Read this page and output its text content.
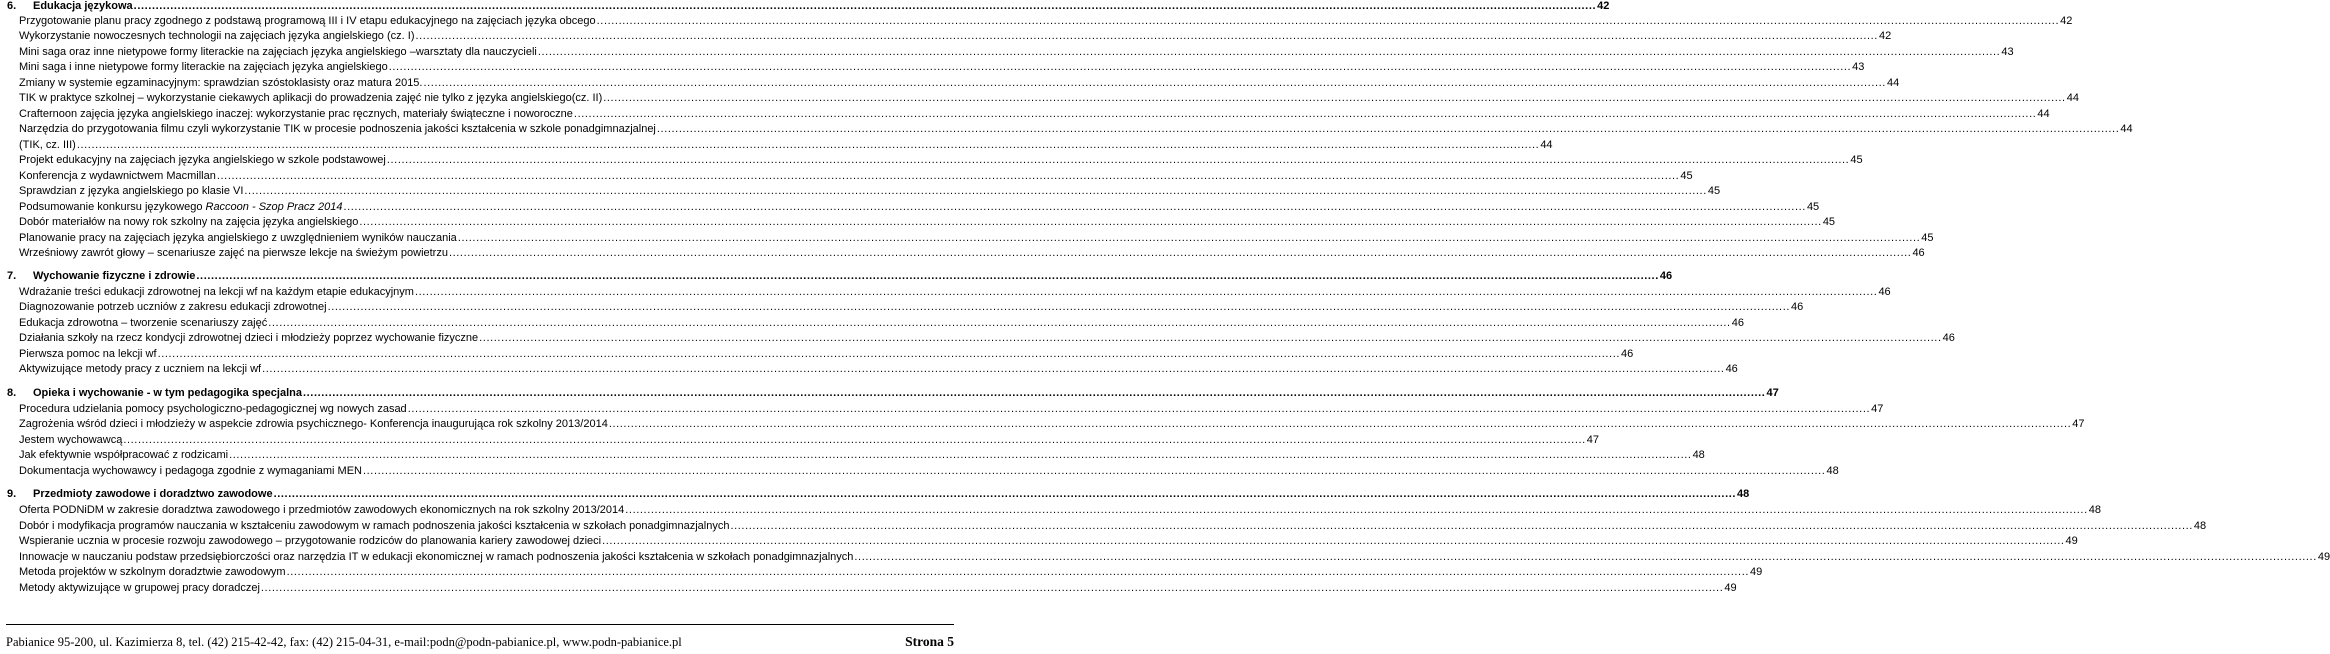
6. Edukacja językowa .....	42
Przygotowanie planu pracy zgodnego z podstawą programową III i IV etapu edukacyjnego na zajęciach języka obcego .....	42
Wykorzystanie nowoczesnych technologii na zajęciach języka angielskiego (cz. I) .....	42
Mini saga oraz inne nietypowe formy literackie na zajęciach języka angielskiego –warsztaty dla nauczycieli .....	43
Mini saga i inne nietypowe formy literackie na zajęciach języka angielskiego .....	43
Zmiany w systemie egzaminacyjnym: sprawdzian szóstoklasisty oraz matura 2015. .....	44
TIK w praktyce szkolnej – wykorzystanie ciekawych aplikacji do prowadzenia zajęć nie tylko z języka angielskiego(cz. II) .....	44
Crafternoon zajęcia języka angielskiego inaczej: wykorzystanie prac ręcznych, materiały świąteczne i noworoczne .....	44
Narzędzia do przygotowania filmu czyli wykorzystanie TIK w procesie podnoszenia jakości kształcenia w szkole ponadgimnazjalnej .....	44
(TIK, cz. III) .....	44
Projekt edukacyjny na zajęciach języka angielskiego w szkole podstawowej .....	45
Konferencja z wydawnictwem Macmillan .....	45
Sprawdzian z języka angielskiego po klasie VI .....	45
Podsumowanie konkursu językowego Raccoon - Szop Pracz 2014 .....	45
Dobór materiałów na nowy rok szkolny na zajęcia języka angielskiego .....	45
Planowanie pracy na zajęciach języka angielskiego z uwzględnieniem wyników nauczania .....	45
Wrześniowy zawrót głowy – scenariusze zajęć na pierwsze lekcje na świeżym powietrzu .....	46
7. Wychowanie fizyczne i zdrowie .....	46
Wdrażanie treści edukacji zdrowotnej na lekcji wf na każdym etapie edukacyjnym .....	46
Diagnozowanie potrzeb uczniów z zakresu edukacji zdrowotnej .....	46
Edukacja zdrowotna – tworzenie scenariuszy zajęć .....	46
Działania szkoły na rzecz kondycji zdrowotnej dzieci i młodzieży poprzez wychowanie fizyczne .....	46
Pierwsza pomoc na lekcji wf .....	46
Aktywizujące metody pracy z uczniem na lekcji wf .....	46
8. Opieka i wychowanie - w tym pedagogika specjalna .....	47
Procedura udzielania pomocy psychologiczno-pedagogicznej wg nowych zasad .....	47
Zagrożenia wśród dzieci i młodzieży w aspekcie zdrowia psychicznego- Konferencja inaugurująca rok szkolny 2013/2014 .....	47
Jestem wychowawcą .....	47
Jak efektywnie współpracować z rodzicami .....	48
Dokumentacja wychowawcy i pedagoga zgodnie z wymaganiami MEN .....	48
9. Przedmioty zawodowe i doradztwo zawodowe .....	48
Oferta PODNiDM w zakresie doradztwa zawodowego i przedmiotów zawodowych ekonomicznych na rok szkolny 2013/2014 .....	48
Dobór i modyfikacja programów nauczania w kształceniu zawodowym w ramach podnoszenia jakości kształcenia w szkołach ponadgimnazjalnych .....	48
Wspieranie ucznia w procesie rozwoju zawodowego – przygotowanie rodziców do planowania kariery zawodowej dzieci .....	49
Innowacje w nauczaniu podstaw przedsiębiorczości oraz narzędzia IT w edukacji ekonomicznej w ramach podnoszenia jakości kształcenia w szkołach ponadgimnazjalnych .....	49
Metoda projektów w szkolnym doradztwie zawodowym .....	49
Metody aktywizujące w grupowej pracy doradczej .....	49
Pabianice 95-200, ul. Kazimierza 8, tel. (42) 215-42-42, fax: (42) 215-04-31, e-mail:podn@podn-pabianice.pl, www.podn-pabianice.pl	Strona 5
